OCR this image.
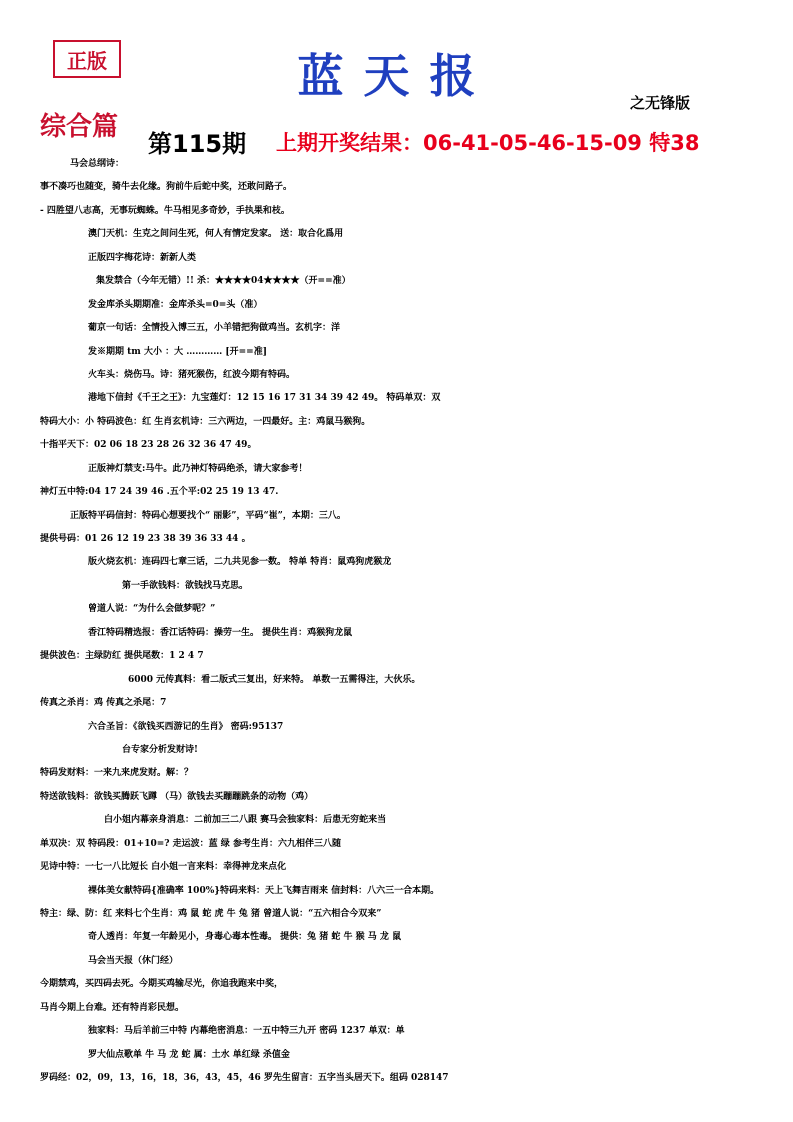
正版	蓝天报	之无锋版
综合篇
第115期 上期开奖结果：06-41-05-46-15-09 特38
马会总纲诗：
事不凑巧也随变，骑牛去化缘。狗前牛后蛇中奖，还敢问路子。
- 四胜望八志高，无事玩蜘蛛。牛马相见多奇妙，手执果和枝。
澳门天机：生克之间问生死，何人有情定发家。 送：取合化爲用
正版四字梅花诗：新新人类
集发禁合（今年无错）!! 杀：★★★★04★★★★（开==准）
发金库杀头期期准：金库杀头=0=头（准）
葡京一句话：全情投入博三五，小羊错把狗做鸡当。玄机字：洋
发※期期 tm 大小 ：大 ………… [开==准]
火车头：烧伤马。诗：猪死猴伤，红波今期有特码。
港地下信封《千王之王》：九宝莲灯：12 15 16 17 31 34 39 42 49。 特码单双：双
特码大小：小 特码波色：红 生肖玄机诗：三六两边，一四最好。主：鸡鼠马猴狗。
十指平天下：02 06 18 23 28 26 32 36 47 49。
正版神灯禁支:马牛。此乃神灯特码绝杀，请大家参考！
神灯五中特:04 17 24 39 46 .五个平:02 25 19 13 47.
正版特平码信封：特码心想要找个“ 丽影”，平码“崔”，本期：三八。
提供号码：01 26 12 19 23 38 39 36 33 44 。
版火烧玄机：连码四七章三话，二九共见参一数。 特单 特肖：鼠鸡狗虎猴龙
第一手欲钱料：欲钱找马克思。
曾道人说：“为什么会做梦呢？”
香江特码精选报：香江话特码：操劳一生。 提供生肖：鸡猴狗龙鼠
提供波色：主绿防红 提供尾数：1 2 4 7
6000 元传真料：看二版式三复出，好来特。 单数一五需得注，大伙乐。
传真之杀肖：鸡 传真之杀尾：7
六合圣旨：《欲钱买西游记的生肖》 密码:95137
台专家分析发财诗!
特码发财料：一来九来虎发财。解：？
特送欲钱料：欲钱买腾跃飞蹲 （马）欲钱去买蹦蹦跳条的动物（鸡）
白小姐内幕亲身消息：二前加三二八跟 赛马会独家料：后患无穷蛇来当
单双决：双 特码段：01+10=? 走运波：蓝 绿 参考生肖：六九相伴三八随
见诗中特：一七一八比短长 白小姐一言来料：幸得神龙来点化
裸体美女献特码{准确率 100%}特码来料：天上飞舞吉雨来 信封料：八六三一合本期。
特主：绿、防：红 来料七个生肖：鸡 鼠 蛇 虎 牛 兔 猪 曾道人说：“五六相合今双来”
奇人透肖：年复一年龄见小，身毒心毒本性毒。 提供：兔 猪 蛇 牛 猴 马 龙 鼠
马会当天报（休门经）
今期禁鸡，买四码去死。今期买鸡输尽光，你追我跑来中奖，
马肖今期上台难。还有特肖彩民想。
独家料：马后羊前三中特 内幕绝密消息：一五中特三九开 密码 1237 单双：单
罗大仙点歌单 牛 马 龙 蛇 属：土水 单红绿 杀值金
罗码经：02，09，13，16，18，36，43，45，46 罗先生留言：五字当头居天下。组码 028147
